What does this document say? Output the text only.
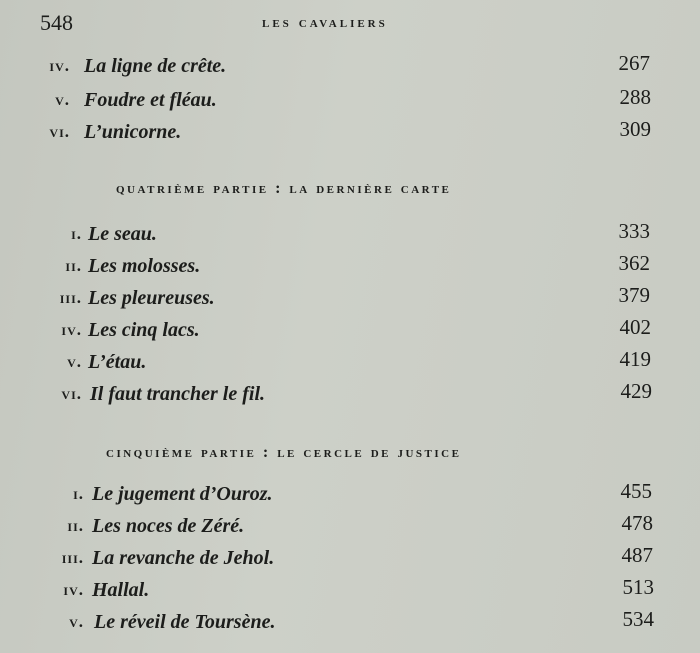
548	les cavaliers
iv. La ligne de crête.	267
v. Foudre et fléau.	288
vi. L’unicorne.	309
quatrième partie : la dernière carte
i. Le seau.	333
ii. Les molosses.	362
iii. Les pleureuses.	379
iv. Les cinq lacs.	402
v. L’étau.	419
vi. Il faut trancher le fil.	429
cinquième partie : le cercle de justice
i. Le jugement d’Ouroz.	455
ii. Les noces de Zéré.	478
iii. La revanche de Jehol.	487
iv. Hallal.	513
v. Le réveil de Toursène.	534
